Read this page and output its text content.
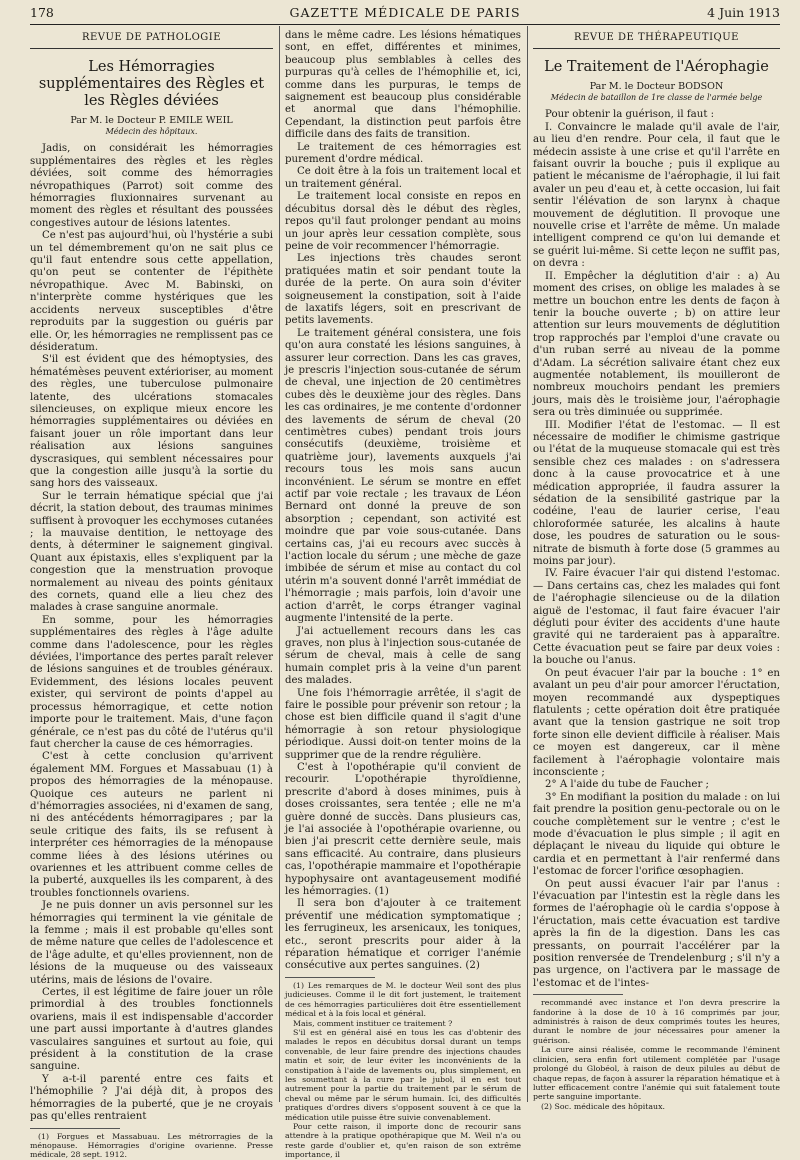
178	GAZETTE MÉDICALE DE PARIS	4 Juin 1913
REVUE DE PATHOLOGIE
Les Hémorragies supplémentaires des Règles et les Règles déviées
Par M. le Docteur P. EMILE WEIL
Médecin des hôpitaux.

Jadis, on considérait les hémorragies supplémentaires des règles et les règles déviées, soit comme des hémorragies névropathiques (Parrot) soit comme des hémorragies fluxionnaires survenant au moment des règles et résultant des poussées congestives autour de lésions latentes.

Ce n'est pas aujourd'hui, où l'hystérie a subi un tel démembrement qu'on ne sait plus ce qu'il faut entendre sous cette appellation, qu'on peut se contenter de l'épithète névropathique. Avec M. Babinski, on n'interprète comme hystériques que les accidents nerveux susceptibles d'être reproduits par la suggestion ou guéris par elle. Or, les hémorragies ne remplissent pas ce désideratum.

S'il est évident que des hémoptysies, des hématémèses peuvent extérioriser, au moment des règles, une tuberculose pulmonaire latente, des ulcérations stomacales silencieuses, on explique mieux encore les hémorragies supplémentaires ou déviées en faisant jouer un rôle important dans leur réalisation aux lésions sanguines dyscrasiques, qui semblent nécessaires pour que la congestion aille jusqu'à la sortie du sang hors des vaisseaux.

Sur le terrain hématique spécial que j'ai décrit, la station debout, des traumas minimes suffisent à provoquer les ecchymoses cutanées ; la mauvaise dentition, le nettoyage des dents, à déterminer le saignement gingival. Quant aux épistaxis, elles s'expliquent par la congestion que la menstruation provoque normalement au niveau des points génitaux des cornets, quand elle a lieu chez des malades à crase sanguine anormale.

En somme, pour les hémorragies supplémentaires des règles à l'âge adulte comme dans l'adolescence, pour les règles déviées, l'importance des pertes paraît relever de lésions sanguines et de troubles généraux. Evidemment, des lésions locales peuvent exister, qui serviront de points d'appel au processus hémorragique, et cette notion importe pour le traitement. Mais, d'une façon générale, ce n'est pas du côté de l'utérus qu'il faut chercher la cause de ces hémorragies.

C'est à cette conclusion qu'arrivent également MM. Forgues et Massabuau (1) à propos des hémorragies de la ménopause. Quoique ces auteurs ne parlent ni d'hémorragies associées, ni d'examen de sang, ni des antécédents hémorragipares ; par la seule critique des faits, ils se refusent à interpréter ces hémorragies de la ménopause comme liées à des lésions utérines ou ovariennes et les attribuent comme celles de la puberté, auxquelles ils les comparent, à des troubles fonctionnels ovariens.

Je ne puis donner un avis personnel sur les hémorragies qui terminent la vie génitale de la femme ; mais il est probable qu'elles sont de même nature que celles de l'adolescence et de l'âge adulte, et qu'elles proviennent, non de lésions de la muqueuse ou des vaisseaux utérins, mais de lésions de l'ovaire.

Certes, il est légitime de faire jouer un rôle primordial à des troubles fonctionnels ovariens, mais il est indispensable d'accorder une part aussi importante à d'autres glandes vasculaires sanguines et surtout au foie, qui président à la constitution de la crase sanguine.

Y a-t-il parenté entre ces faits et l'hémophilie ? J'ai déjà dit, à propos des hémorragies de la puberté, que je ne croyais pas qu'elles rentraient

(1) Forgues et Massabuau. Les métrorragies de la ménopause. Hémorragies d'origine ovarienne. Presse médicale, 28 sept. 1912.

dans le même cadre. Les lésions hématiques sont, en effet, différentes et minimes, beaucoup plus semblables à celles des purpuras qu'à celles de l'hémophilie et, ici, comme dans les purpuras, le temps de saignement est beaucoup plus considérable et anormal que dans l'hémophilie. Cependant, la distinction peut parfois être difficile dans des faits de transition.

Le traitement de ces hémorragies est purement d'ordre médical.

Ce doit être à la fois un traitement local et un traitement général.

Le traitement local consiste en repos en décubitus dorsal dès le début des règles, repos qu'il faut prolonger pendant au moins un jour après leur cessation complète, sous peine de voir recommencer l'hémorragie.

Les injections très chaudes seront pratiquées matin et soir pendant toute la durée de la perte. On aura soin d'éviter soigneusement la constipation, soit à l'aide de laxatifs légers, soit en prescrivant de petits lavements.

Le traitement général consistera, une fois qu'on aura constaté les lésions sanguines, à assurer leur correction. Dans les cas graves, je prescris l'injection sous-cutanée de sérum de cheval, une injection de 20 centimètres cubes dès le deuxième jour des règles. Dans les cas ordinaires, je me contente d'ordonner des lavements de sérum de cheval (20 centimètres cubes) pendant trois jours consécutifs (deuxième, troisième et quatrième jour), lavements auxquels j'ai recours tous les mois sans aucun inconvénient. Le sérum se montre en effet actif par voie rectale ; les travaux de Léon Bernard ont donné la preuve de son absorption ; cependant, son activité est moindre que par voie sous-cutanée. Dans certains cas, j'ai eu recours avec succès à l'action locale du sérum ; une mèche de gaze imbibée de sérum et mise au contact du col utérin m'a souvent donné l'arrêt immédiat de l'hémorragie ; mais parfois, loin d'avoir une action d'arrêt, le corps étranger vaginal augmente l'intensité de la perte.

J'ai actuellement recours dans les cas graves, non plus à l'injection sous-cutanée de sérum de cheval, mais à celle de sang humain complet pris à la veine d'un parent des malades.

Une fois l'hémorragie arrêtée, il s'agit de faire le possible pour prévenir son retour ; la chose est bien difficile quand il s'agit d'une hémorragie à son retour physiologique périodique. Aussi doit-on tenter moins de la supprimer que de la rendre régulière.

C'est à l'opothérapie qu'il convient de recourir. L'opothérapie thyroïdienne, prescrite d'abord à doses minimes, puis à doses croissantes, sera tentée ; elle ne m'a guère donné de succès. Dans plusieurs cas, je l'ai associée à l'opothérapie ovarienne, ou bien j'ai prescrit cette dernière seule, mais sans efficacité. Au contraire, dans plusieurs cas, l'opothérapie mammaire et l'opothérapie hypophysaire ont avantageusement modifié les hémorragies. (1)

Il sera bon d'ajouter à ce traitement préventif une médication symptomatique ; les ferrugineux, les arsenicaux, les toniques, etc., seront prescrits pour aider à la réparation hématique et corriger l'anémie consécutive aux pertes sanguines. (2)

(1) Les remarques de M. le docteur Weil sont des plus judicieuses. Comme il le dit fort justement, le traitement de ces hémorragies particulières doit être essentiellement médical et à la fois local et général.

Mais, comment instituer ce traitement ?

S'il est en général aisé en tous les cas d'obtenir des malades le repos en décubitus dorsal durant un temps convenable, de leur faire prendre des injections chaudes matin et soir, de leur éviter les inconvénients de la constipation à l'aide de lavements ou, plus simplement, en les soumettant à la cure par le jubol, il en est tout autrement pour la partie du traitement par le sérum de cheval ou même par le sérum humain. Ici, des difficultés pratiques d'ordres divers s'opposent souvent à ce que la médication utile puisse être suivie convenablement.

Pour cette raison, il importe donc de recourir sans attendre à la pratique opothérapique que M. Weil n'a ou reste garde d'oublier et, qu'en raison de son extrême importance, il

REVUE DE THÉRAPEUTIQUE
Le Traitement de l'Aérophagie
Par M. le Docteur BODSON
Médecin de bataillon de 1re classe de l'armée belge

Pour obtenir la guérison, il faut :

I. Convaincre le malade qu'il avale de l'air, au lieu d'en rendre. Pour cela, il faut que le médecin assiste à une crise et qu'il l'arrête en faisant ouvrir la bouche ; puis il explique au patient le mécanisme de l'aérophagie, il lui fait avaler un peu d'eau et, à cette occasion, lui fait sentir l'élévation de son larynx à chaque mouvement de déglutition. Il provoque une nouvelle crise et l'arrête de même. Un malade intelligent comprend ce qu'on lui demande et se guérit lui-même. Si cette leçon ne suffit pas, on devra :

II. Empêcher la déglutition d'air : a) Au moment des crises, on oblige les malades à se mettre un bouchon entre les dents de façon à tenir la bouche ouverte ; b) on attire leur attention sur leurs mouvements de déglutition trop rapprochés par l'emploi d'une cravate ou d'un ruban serré au niveau de la pomme d'Adam. La sécrétion salivaire étant chez eux augmentée notablement, ils mouilleront de nombreux mouchoirs pendant les premiers jours, mais dès le troisième jour, l'aérophagie sera ou très diminuée ou supprimée.

III. Modifier l'état de l'estomac. — Il est nécessaire de modifier le chimisme gastrique ou l'état de la muqueuse stomacale qui est très sensible chez ces malades : on s'adressera donc à la cause provocatrice et à une médication appropriée, il faudra assurer la sédation de la sensibilité gastrique par la codéine, l'eau de laurier cerise, l'eau chloroformée saturée, les alcalins à haute dose, les poudres de saturation ou le sous-nitrate de bismuth à forte dose (5 grammes au moins par jour).

IV. Faire évacuer l'air qui distend l'estomac. — Dans certains cas, chez les malades qui font de l'aérophagie silencieuse ou de la dilation aiguë de l'estomac, il faut faire évacuer l'air dégluti pour éviter des accidents d'une haute gravité qui ne tarderaient pas à apparaître. Cette évacuation peut se faire par deux voies : la bouche ou l'anus.

On peut évacuer l'air par la bouche : 1° en avalant un peu d'air pour amorcer l'éructation, moyen recommandé aux dyspeptiques flatulents ; cette opération doit être pratiquée avant que la tension gastrique ne soit trop forte sinon elle devient difficile à réaliser. Mais ce moyen est dangereux, car il mène facilement à l'aérophagie volontaire mais inconsciente ;

2° A l'aide du tube de Faucher ;

3° En modifiant la position du malade : on lui fait prendre la position genu-pectorale ou on le couche complètement sur le ventre ; c'est le mode d'évacuation le plus simple ; il agit en déplaçant le niveau du liquide qui obture le cardia et en permettant à l'air renfermé dans l'estomac de forcer l'orifice œsophagien.

On peut aussi évacuer l'air par l'anus : l'évacuation par l'intestin est la règle dans les formes de l'aérophagie où le cardia s'oppose à l'éructation, mais cette évacuation est tardive après la fin de la digestion. Dans les cas pressants, on pourrait l'accélérer par la position renversée de Trendelenburg ; s'il n'y a pas urgence, on l'activera par le massage de l'estomac et de l'intes-

recommandé avec instance et l'on devra prescrire la fandorine à la dose de 10 à 16 comprimés par jour, administrés à raison de deux comprimés toutes les heures, durant le nombre de jour nécessaires pour amener la guérison.

La cure ainsi réalisée, comme le recommande l'éminent clinicien, sera enfin fort utilement complétée par l'usage prolongé du Globéol, à raison de deux pilules au début de chaque repas, de façon à assurer la réparation hématique et à lutter efficacement contre l'anémie qui suit fatalement toute perte sanguine importante.

(2) Soc. médicale des hôpitaux.
